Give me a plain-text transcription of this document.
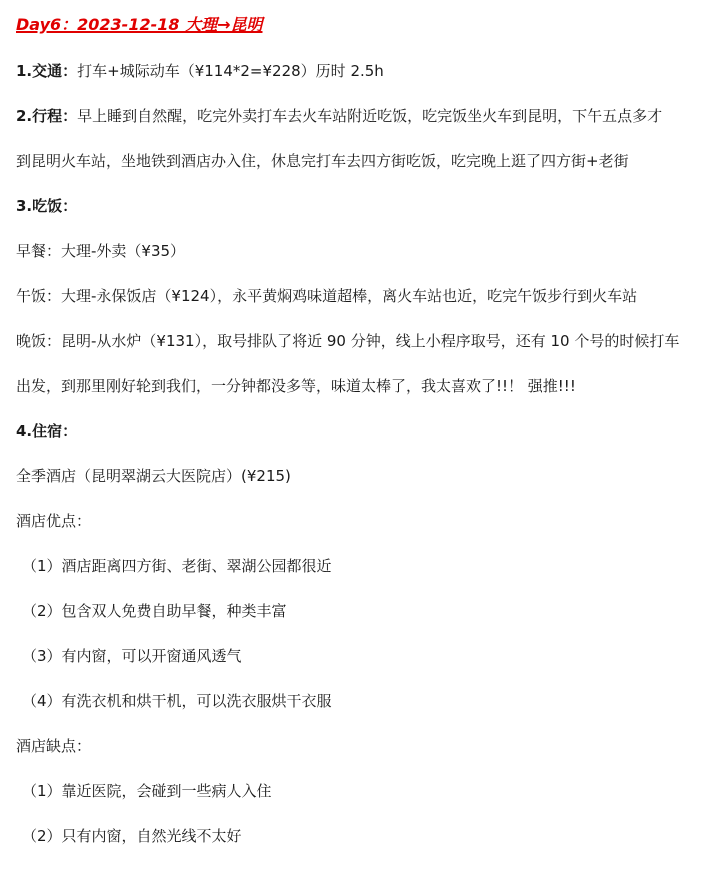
Day6：2023-12-18 大理→昆明
1.交通：打车+城际动车（¥114*2=¥228）历时 2.5h
2.行程：早上睡到自然醒，吃完外卖打车去火车站附近吃饭，吃完饭坐火车到昆明，下午五点多才
到昆明火车站，坐地铁到酒店办入住，休息完打车去四方街吃饭，吃完晚上逛了四方街+老街
3.吃饭：
早餐：大理-外卖（¥35）
午饭：大理-永保饭店（¥124），永平黄焖鸡味道超棒，离火车站也近，吃完午饭步行到火车站
晚饭：昆明-从水炉（¥131），取号排队了将近 90 分钟，线上小程序取号，还有 10 个号的时候打车
出发，到那里刚好轮到我们，一分钟都没多等，味道太棒了，我太喜欢了!!！ 强推!!!
4.住宿：
全季酒店（昆明翠湖云大医院店）(¥215)
酒店优点：
（1）酒店距离四方街、老街、翠湖公园都很近
（2）包含双人免费自助早餐，种类丰富
（3）有内窗，可以开窗通风透气
（4）有洗衣机和烘干机，可以洗衣服烘干衣服
酒店缺点：
（1）靠近医院，会碰到一些病人入住
（2）只有内窗，自然光线不太好
